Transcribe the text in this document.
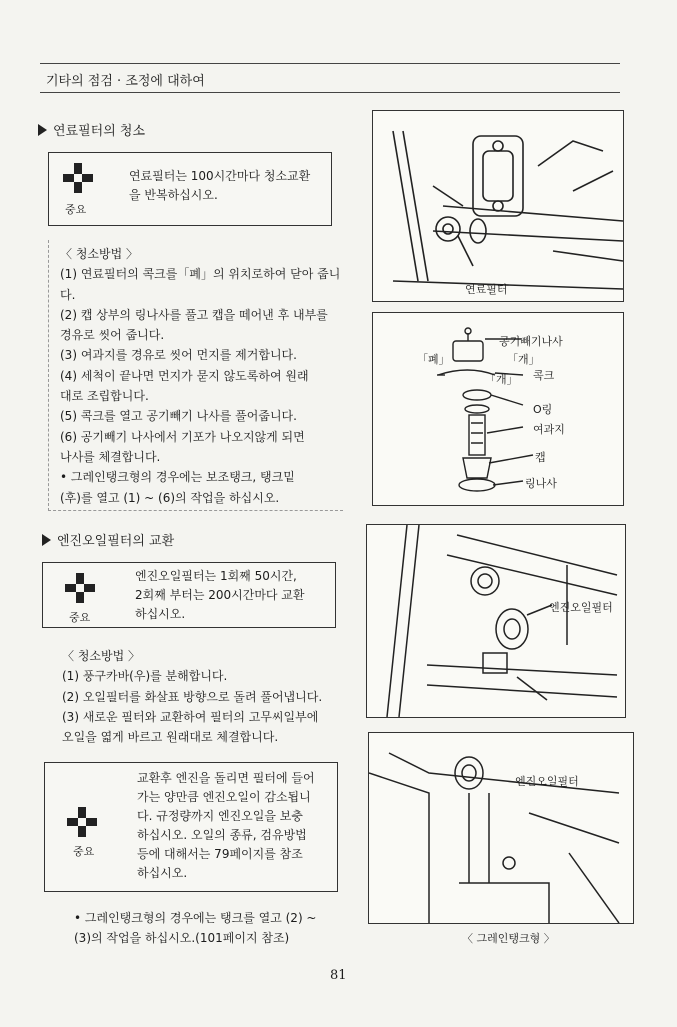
기타의 점검 · 조정에 대하여
연료필터의 청소
중요
연료필터는 100시간마다 청소교환
을 반복하십시오.
〈 청소방법 〉
(1) 연료필터의 콕크를「폐」의 위치로하여 닫아 줍니
다.
(2) 캡 상부의 링나사를 풀고 캡을 떼어낸 후 내부를
경유로 씻어 줍니다.
(3) 여과지를 경유로 씻어 먼지를 제거합니다.
(4) 세척이 끝나면 먼지가 묻지 않도록하여 원래
대로 조립합니다.
(5) 콕크를 열고 공기빼기 나사를 풀어줍니다.
(6) 공기빼기 나사에서 기포가 나오지않게 되면
나사를 체결합니다.
• 그레인탱크형의 경우에는 보조탱크, 탱크밑
(후)를 열고 (1) ~ (6)의 작업을 하십시오.
엔진오일필터의 교환
중요
엔진오일필터는 1회째 50시간,
2회째 부터는 200시간마다 교환
하십시오.
〈 청소방법 〉
(1) 풍구카바(우)를 분해합니다.
(2) 오일필터를 화살표 방향으로 돌려 풀어냅니다.
(3) 새로운 필터와 교환하여 필터의 고무씨일부에
오일을 엷게 바르고 원래대로 체결합니다.
중요
교환후 엔진을 돌리면 필터에 들어
가는 양만큼 엔진오일이 감소됩니
다. 규정량까지 엔진오일을 보충
하십시오. 오일의 종류, 검유방법
등에 대해서는 79페이지를 참조
하십시오.
• 그레인탱크형의 경우에는 탱크를 열고 (2) ~
(3)의 작업을 하십시오.(101페이지 참조)
연료필터
공기빼기나사
「폐」	「개」
「개」 콕크
O링
여과지
캡
링나사
엔진오일필터
엔진오일필터
〈 그레인탱크형 〉
81
